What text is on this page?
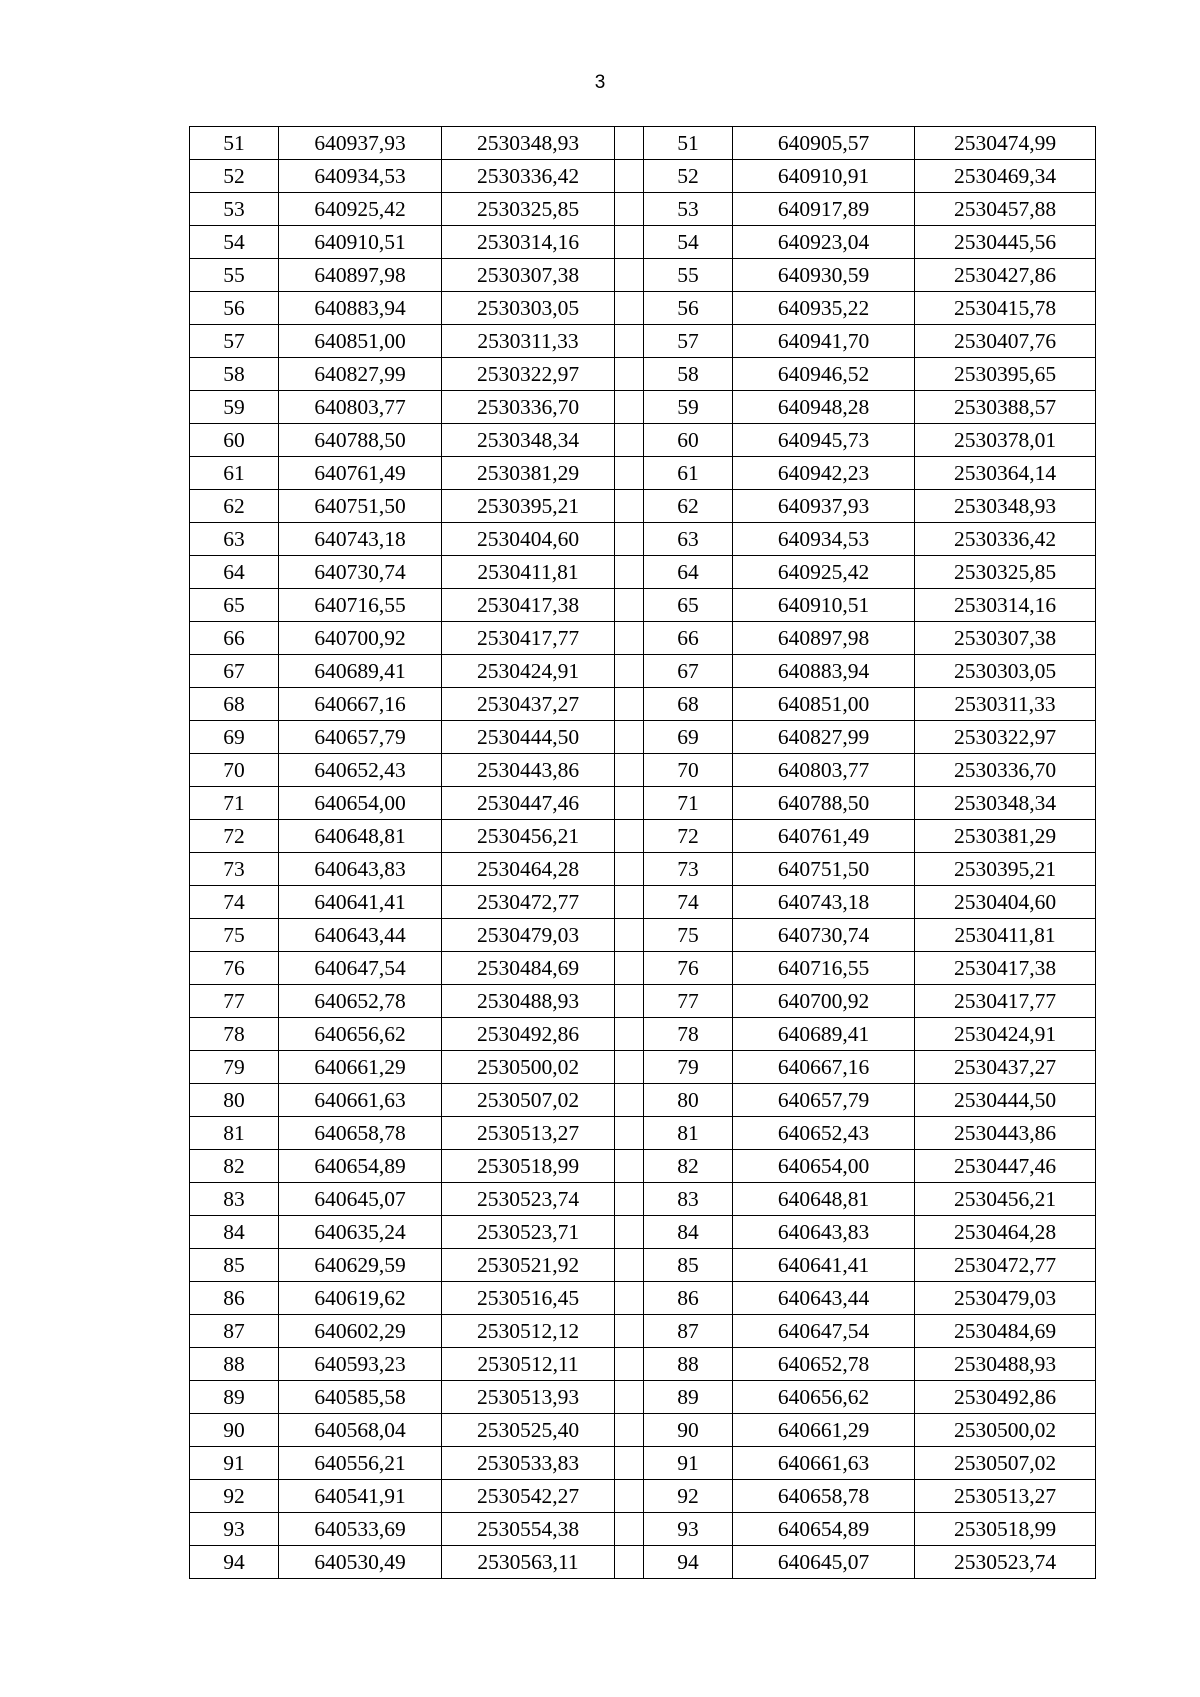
3
51	640937,93	2530348,93		51	640905,57	2530474,99
52	640934,53	2530336,42		52	640910,91	2530469,34
53	640925,42	2530325,85		53	640917,89	2530457,88
54	640910,51	2530314,16		54	640923,04	2530445,56
55	640897,98	2530307,38		55	640930,59	2530427,86
56	640883,94	2530303,05		56	640935,22	2530415,78
57	640851,00	2530311,33		57	640941,70	2530407,76
58	640827,99	2530322,97		58	640946,52	2530395,65
59	640803,77	2530336,70		59	640948,28	2530388,57
60	640788,50	2530348,34		60	640945,73	2530378,01
61	640761,49	2530381,29		61	640942,23	2530364,14
62	640751,50	2530395,21		62	640937,93	2530348,93
63	640743,18	2530404,60		63	640934,53	2530336,42
64	640730,74	2530411,81		64	640925,42	2530325,85
65	640716,55	2530417,38		65	640910,51	2530314,16
66	640700,92	2530417,77		66	640897,98	2530307,38
67	640689,41	2530424,91		67	640883,94	2530303,05
68	640667,16	2530437,27		68	640851,00	2530311,33
69	640657,79	2530444,50		69	640827,99	2530322,97
70	640652,43	2530443,86		70	640803,77	2530336,70
71	640654,00	2530447,46		71	640788,50	2530348,34
72	640648,81	2530456,21		72	640761,49	2530381,29
73	640643,83	2530464,28		73	640751,50	2530395,21
74	640641,41	2530472,77		74	640743,18	2530404,60
75	640643,44	2530479,03		75	640730,74	2530411,81
76	640647,54	2530484,69		76	640716,55	2530417,38
77	640652,78	2530488,93		77	640700,92	2530417,77
78	640656,62	2530492,86		78	640689,41	2530424,91
79	640661,29	2530500,02		79	640667,16	2530437,27
80	640661,63	2530507,02		80	640657,79	2530444,50
81	640658,78	2530513,27		81	640652,43	2530443,86
82	640654,89	2530518,99		82	640654,00	2530447,46
83	640645,07	2530523,74		83	640648,81	2530456,21
84	640635,24	2530523,71		84	640643,83	2530464,28
85	640629,59	2530521,92		85	640641,41	2530472,77
86	640619,62	2530516,45		86	640643,44	2530479,03
87	640602,29	2530512,12		87	640647,54	2530484,69
88	640593,23	2530512,11		88	640652,78	2530488,93
89	640585,58	2530513,93		89	640656,62	2530492,86
90	640568,04	2530525,40		90	640661,29	2530500,02
91	640556,21	2530533,83		91	640661,63	2530507,02
92	640541,91	2530542,27		92	640658,78	2530513,27
93	640533,69	2530554,38		93	640654,89	2530518,99
94	640530,49	2530563,11		94	640645,07	2530523,74
